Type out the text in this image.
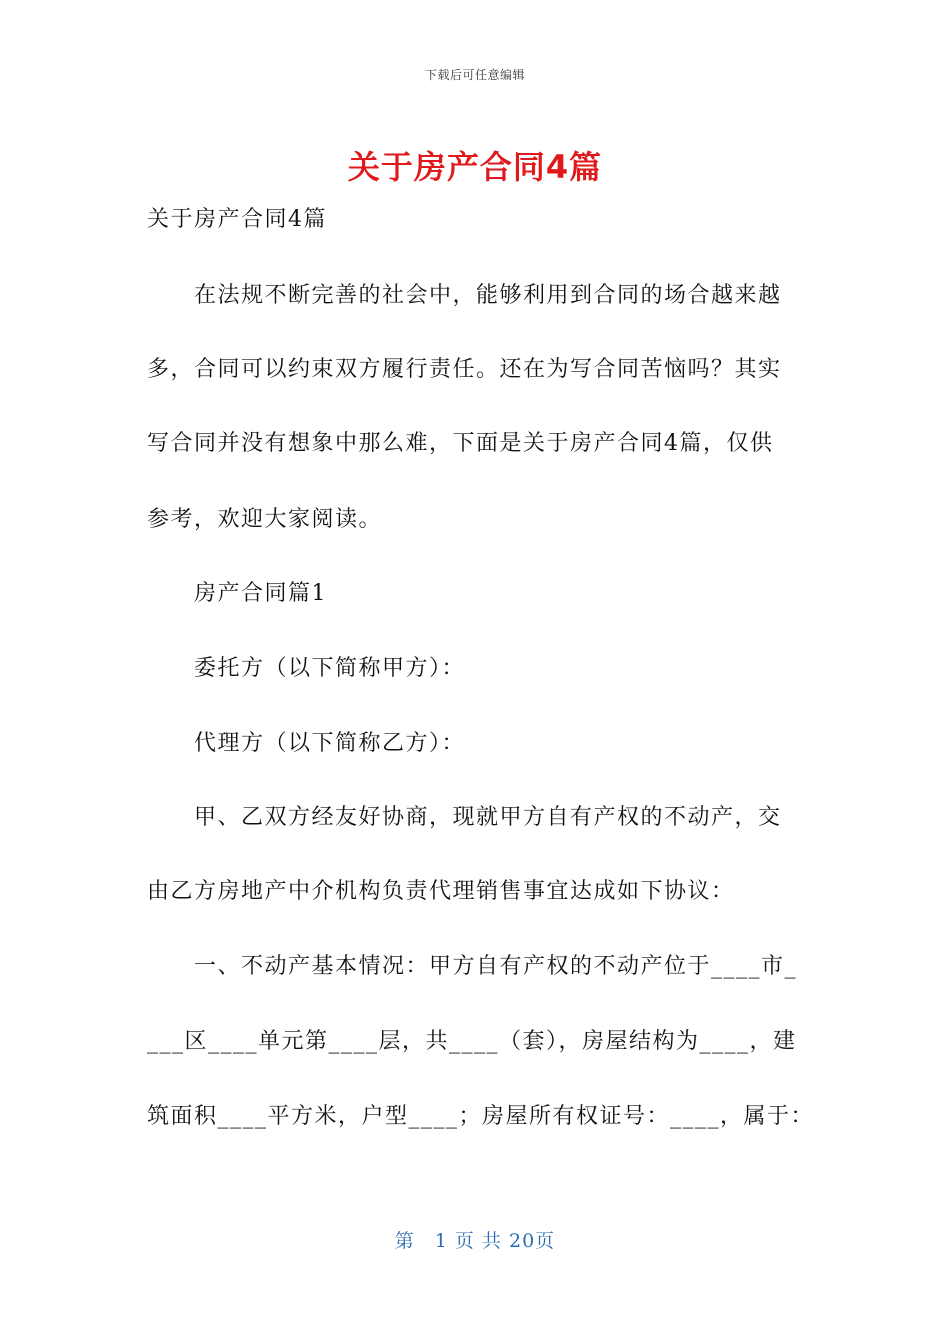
下载后可任意编辑
关于房产合同4篇
关于房产合同4篇
　　在法规不断完善的社会中，能够利用到合同的场合越来越
多，合同可以约束双方履行责任。还在为写合同苦恼吗？其实
写合同并没有想象中那么难，下面是关于房产合同4篇，仅供
参考，欢迎大家阅读。
　　房产合同篇1
　　委托方（以下简称甲方）：
　　代理方（以下简称乙方）：
　　甲、乙双方经友好协商，现就甲方自有产权的不动产，交
由乙方房地产中介机构负责代理销售事宜达成如下协议：
　　一、不动产基本情况：甲方自有产权的不动产位于____市_
___区____单元第____层，共____（套），房屋结构为____，建
筑面积____平方米，户型____；房屋所有权证号：____，属于：
第　1 页 共 20页
